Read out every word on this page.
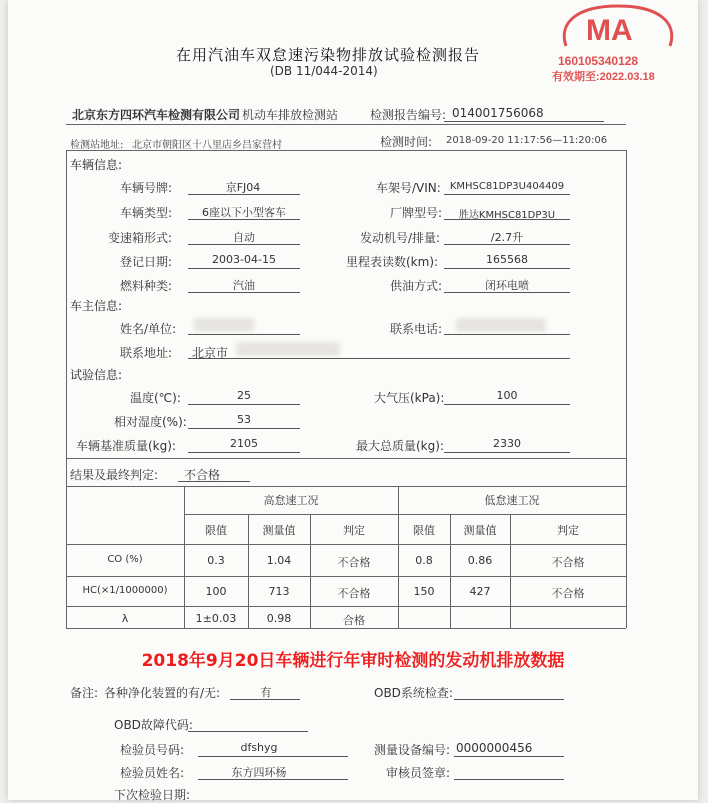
MA
160105340128
有效期至:2022.03.18
在用汽油车双怠速污染物排放试验检测报告
(DB 11/044-2014)
北京东方四环汽车检测有限公司 机动车排放检测站	检测报告编号: 014001756068
检测站地址: 北京市朝阳区十八里店乡吕家营村	检测时间: 2018-09-20 11:17:56—11:20:06
车辆信息:
车辆号牌:	京FJ04	车架号/VIN: KMHSC81DP3U404409
车辆类型:	6座以下小型客车	厂牌型号:	胜达KMHSC81DP3U
变速箱形式:	自动	发动机号/排量:	/2.7升
登记日期:	2003-04-15	里程表读数(km):	165568
燃料种类:	汽油	供油方式:	闭环电喷
车主信息:
姓名/单位:	联系电话:
联系地址: 北京市
试验信息:
温度(℃):	25	大气压(kPa):	100
相对湿度(%):	53
车辆基准质量(kg):	2105	最大总质量(kg):	2330
结果及最终判定: 不合格
高怠速工况	低怠速工况
限值	测量值	判定	限值	测量值	判定
CO (%)	0.3	1.04	不合格	0.8	0.86	不合格
HC(×1/1000000)	100	713	不合格	150	427	不合格
λ	1±0.03	0.98	合格
2018年9月20日车辆进行年审时检测的发动机排放数据
备注: 各种净化装置的有/无:	有	OBD系统检查:
OBD故障代码:
检验员号码:	dfshyg	测量设备编号: 0000000456
检验员姓名:	东方四环杨	审核员签章:
下次检验日期:
